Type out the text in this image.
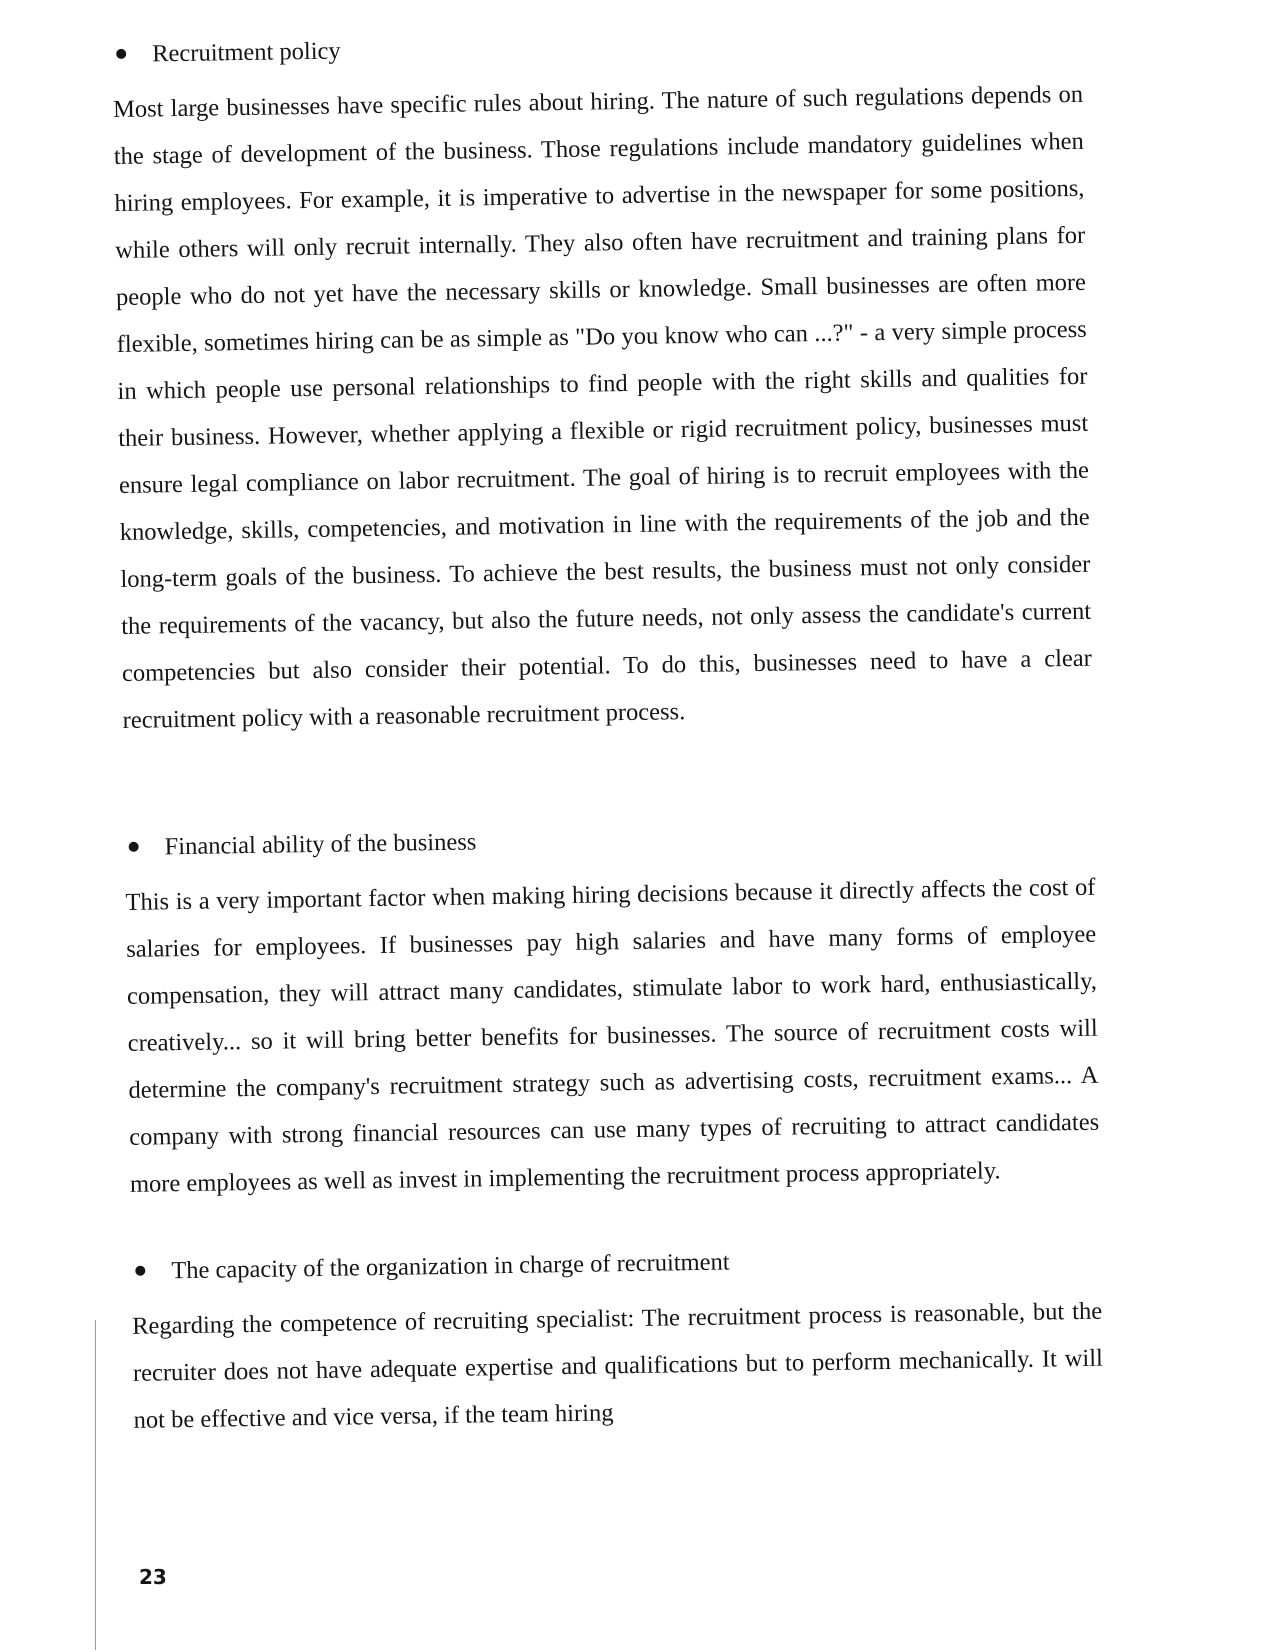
Recruitment policy

Most large businesses have specific rules about hiring. The nature of such regulations depends on the stage of development of the business. Those regulations include mandatory guidelines when hiring employees. For example, it is imperative to advertise in the newspaper for some positions, while others will only recruit internally. They also often have recruitment and training plans for people who do not yet have the necessary skills or knowledge. Small businesses are often more flexible, sometimes hiring can be as simple as "Do you know who can ...?" - a very simple process in which people use personal relationships to find people with the right skills and qualities for their business. However, whether applying a flexible or rigid recruitment policy, businesses must ensure legal compliance on labor recruitment. The goal of hiring is to recruit employees with the knowledge, skills, competencies, and motivation in line with the requirements of the job and the long-term goals of the business. To achieve the best results, the business must not only consider the requirements of the vacancy, but also the future needs, not only assess the candidate's current competencies but also consider their potential. To do this, businesses need to have a clear recruitment policy with a reasonable recruitment process.

Financial ability of the business

This is a very important factor when making hiring decisions because it directly affects the cost of salaries for employees. If businesses pay high salaries and have many forms of employee compensation, they will attract many candidates, stimulate labor to work hard, enthusiastically, creatively... so it will bring better benefits for businesses. The source of recruitment costs will determine the company's recruitment strategy such as advertising costs, recruitment exams... A company with strong financial resources can use many types of recruiting to attract candidates more employees as well as invest in implementing the recruitment process appropriately.

The capacity of the organization in charge of recruitment

Regarding the competence of recruiting specialist: The recruitment process is reasonable, but the recruiter does not have adequate expertise and qualifications but to perform mechanically. It will not be effective and vice versa, if the team hiring

23
